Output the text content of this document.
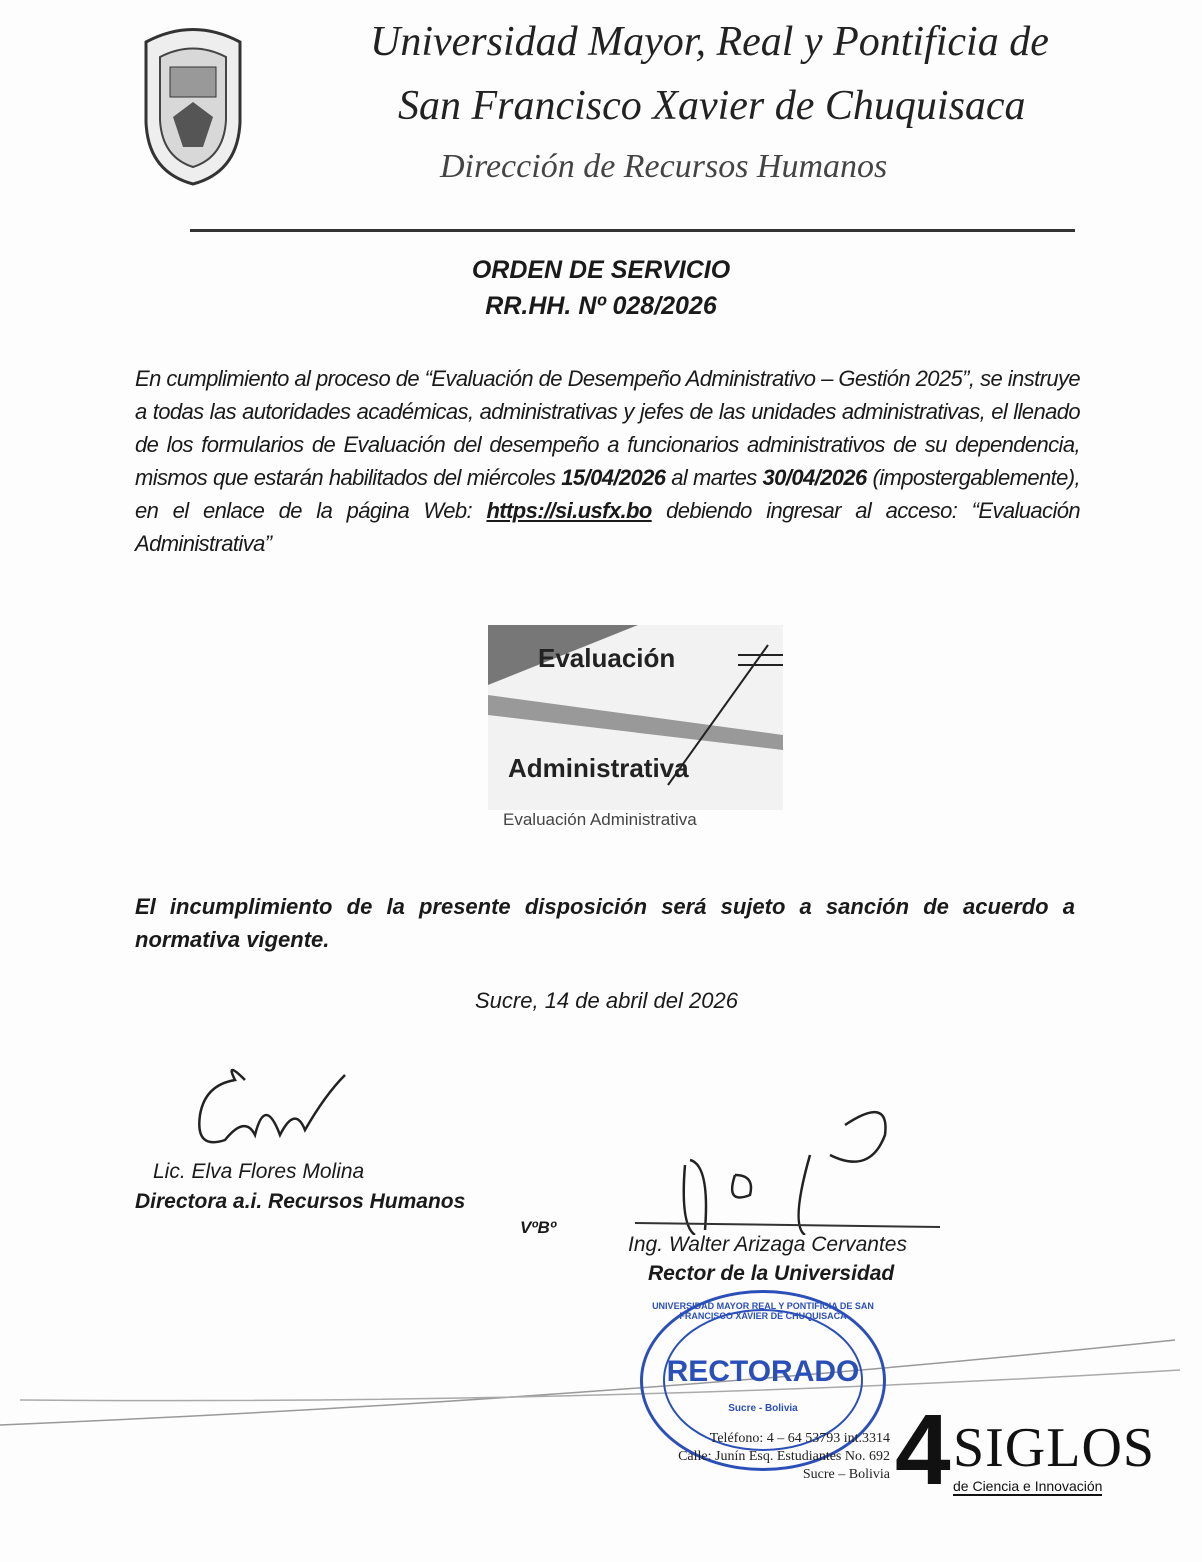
Universidad Mayor, Real y Pontificia de
San Francisco Xavier de Chuquisaca
Dirección de Recursos Humanos
ORDEN DE SERVICIO
RR.HH. Nº 028/2026
En cumplimiento al proceso de “Evaluación de Desempeño Administrativo – Gestión 2025”, se instruye a todas las autoridades académicas, administrativas y jefes de las unidades administrativas, el llenado de los formularios de Evaluación del desempeño a funcionarios administrativos de su dependencia, mismos que estarán habilitados del miércoles 15/04/2026 al martes 30/04/2026 (impostergablemente), en el enlace de la página Web: https://si.usfx.bo debiendo ingresar al acceso: “Evaluación Administrativa”
Evaluación
Administrativa
Evaluación Administrativa
El incumplimiento de la presente disposición será sujeto a sanción de acuerdo a normativa vigente.
Sucre, 14 de abril del 2026
Lic. Elva Flores Molina
Directora a.i. Recursos Humanos
VºBº
Ing. Walter Arizaga Cervantes
Rector de la Universidad
UNIVERSIDAD MAYOR REAL Y PONTIFICIA DE SAN FRANCISCO XAVIER DE CHUQUISACA
RECTORADO
Sucre - Bolivia
Teléfono: 4 – 64 53793 int.3314
Calle: Junín Esq. Estudiantes No. 692
Sucre – Bolivia 4 SIGLOS
de Ciencia e Innovación
